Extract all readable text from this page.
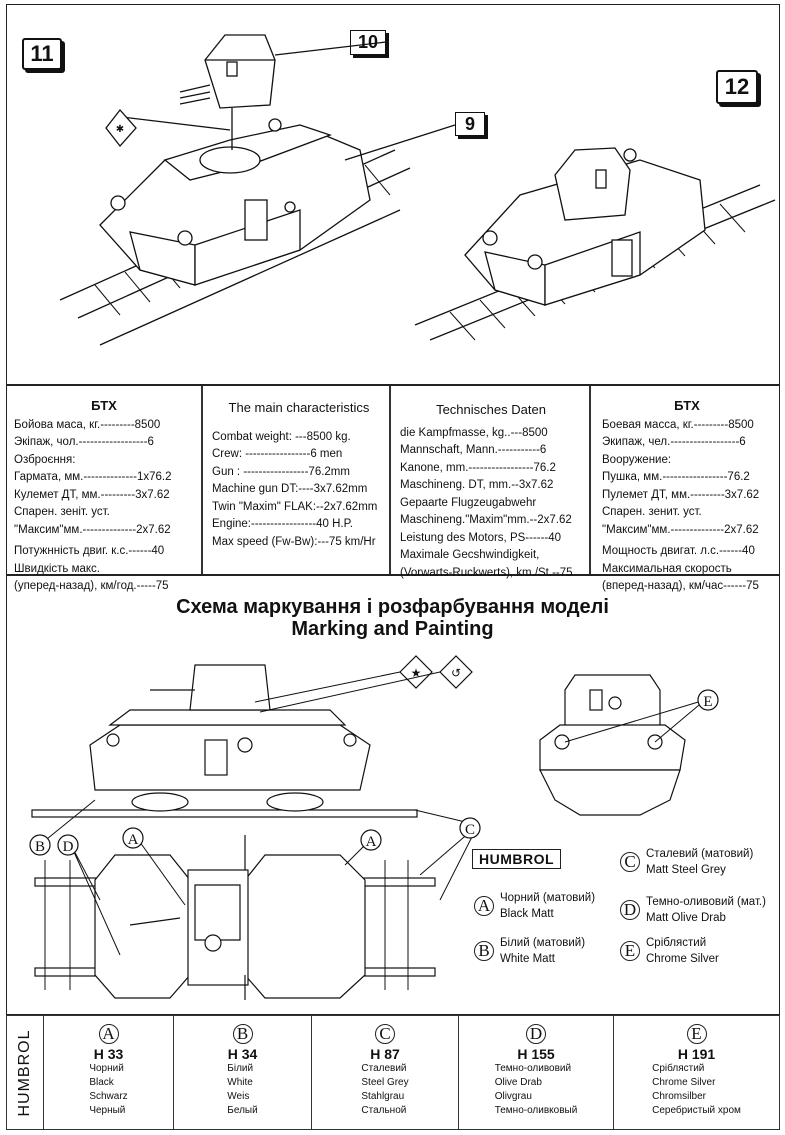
11
12
10
9
✱
БТХ
Бойова маса, кг.---------8500
Экіпаж, чол.------------------6
Озброєння:
Гармата, мм.--------------1x76.2
Кулемет ДТ, мм.---------3x7.62
Спарен. зеніт. уст.
"Максим"мм.--------------2x7.62
Потужнність двиг. к.с.------40
Швидкість макс.
(уперед-назад), км/год.-----75
The main characteristics
Combat weight: ---8500 kg.
Crew: -----------------6 men
Gun : -----------------76.2mm
Machine gun DT:----3x7.62mm
Twin "Maxim" FLAK:--2x7.62mm
Engine:-----------------40 H.P.
Max speed (Fw-Bw):---75 km/Hr
Technisches Daten
die Kampfmasse, kg..---8500
Mannschaft, Mann.-----------6
Kanone, mm.-----------------76.2
Maschineng. DT, mm.--3x7.62
Gepaarte Flugzeugabwehr
Maschineng."Maxim"mm.--2x7.62
Leistung des Motors, PS------40
Maximale Gecshwindigkeit,
(Vorwarts-Ruckwerts), km./St.--75
БТХ
Боевая масса, кг.---------8500
Экипаж, чел.------------------6
Вооружение:
Пушка, мм.-----------------76.2
Пулемет ДТ, мм.---------3x7.62
Спарен. зенит. уст.
"Максим"мм.--------------2x7.62
Мощность двигат. л.с.------40
Максимальная скорость
(вперед-назад), км/час------75
★ ↺
C
B D	A	A
E
Схема маркування і розфарбування моделі
Marking and Painting
HUMBROL
A Чорний (матовий)
Black Matt
B Білий (матовий)
White Matt
C Сталевий (матовий)
Matt Steel Grey
D Темно-оливовий (мат.)
Matt Olive Drab
E Сріблястий
Chrome Silver
HUMBROL	A
H 33
Чорний
Black
Schwarz
Черный
B
H 34
Білий
White
Weis
Белый
C
H 87
Сталевий
Steel Grey
Stahlgrau
Стальной
D
H 155
Темно-оливовий
Olive Drab
Olivgrau
Темно-оливковый
E
H 191
Сріблястий
Chrome Silver
Chromsilber
Серебристый хром
